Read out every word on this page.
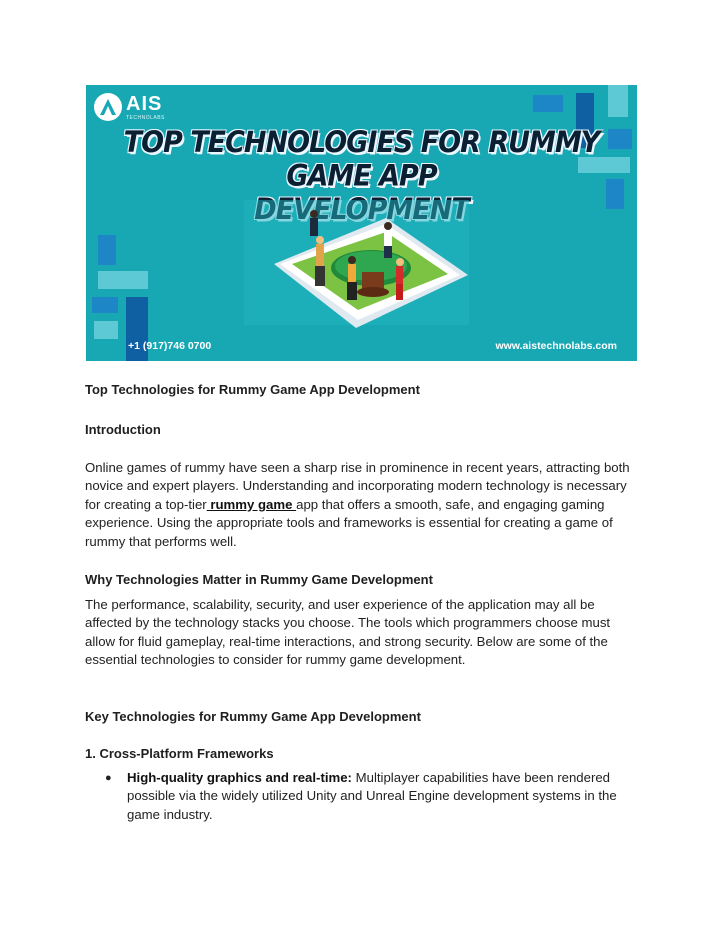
AIS
TECHNOLABS
TOP TECHNOLOGIES FOR RUMMY GAME APP
+1 (917)746 0700	www.aistechnolabs.com
Top Technologies for Rummy Game App Development
Introduction

Online games of rummy have seen a sharp rise in prominence in recent years, attracting both novice and expert players. Understanding and incorporating modern technology is necessary for creating a top-tier rummy game app that offers a smooth, safe, and engaging gaming experience. Using the appropriate tools and frameworks is essential for creating a game of rummy that performs well.

Why Technologies Matter in Rummy Game Development

The performance, scalability, security, and user experience of the application may all be affected by the technology stacks you choose. The tools which programmers choose must allow for fluid gameplay, real-time interactions, and strong security. Below are some of the essential technologies to consider for rummy game development.

Key Technologies for Rummy Game App Development
1. Cross-Platform Frameworks
● High-quality graphics and real-time: Multiplayer capabilities have been rendered possible via the widely utilized Unity and Unreal Engine development systems in the game industry.
